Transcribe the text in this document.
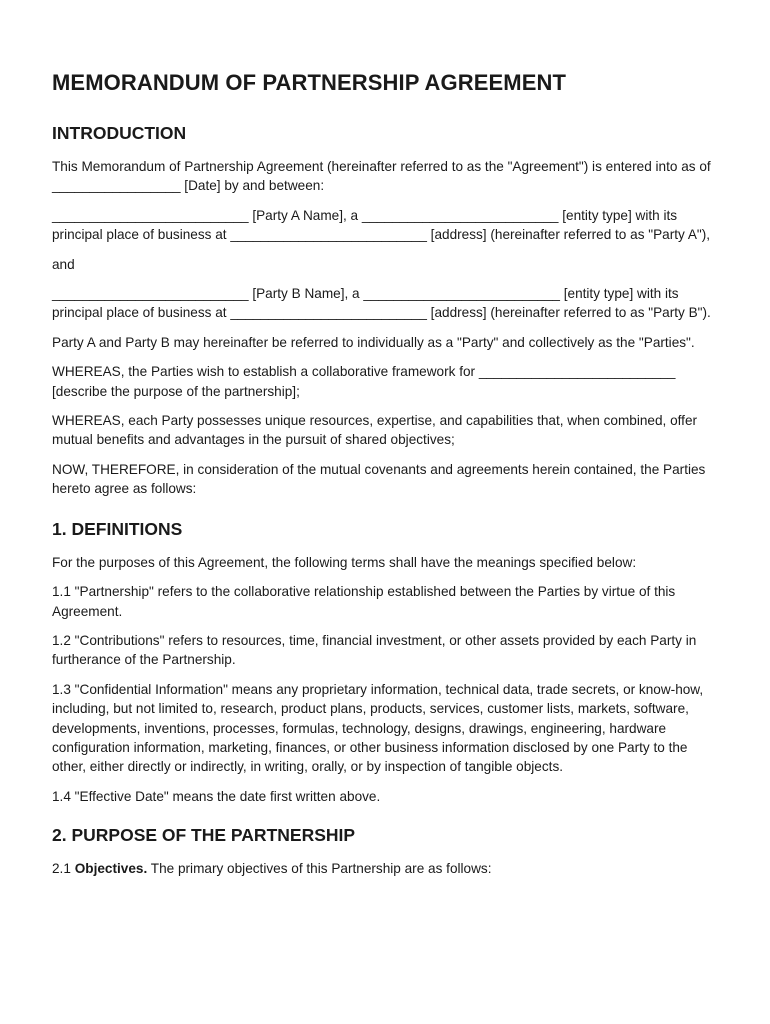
MEMORANDUM OF PARTNERSHIP AGREEMENT
INTRODUCTION

This Memorandum of Partnership Agreement (hereinafter referred to as the "Agreement") is entered into as of _________________ [Date] by and between:

__________________________ [Party A Name], a __________________________ [entity type] with its principal place of business at __________________________ [address] (hereinafter referred to as "Party A"),

and

__________________________ [Party B Name], a __________________________ [entity type] with its principal place of business at __________________________ [address] (hereinafter referred to as "Party B").

Party A and Party B may hereinafter be referred to individually as a "Party" and collectively as the "Parties".

WHEREAS, the Parties wish to establish a collaborative framework for __________________________ [describe the purpose of the partnership];

WHEREAS, each Party possesses unique resources, expertise, and capabilities that, when combined, offer mutual benefits and advantages in the pursuit of shared objectives;

NOW, THEREFORE, in consideration of the mutual covenants and agreements herein contained, the Parties hereto agree as follows:

1. DEFINITIONS

For the purposes of this Agreement, the following terms shall have the meanings specified below:

1.1 "Partnership" refers to the collaborative relationship established between the Parties by virtue of this Agreement.

1.2 "Contributions" refers to resources, time, financial investment, or other assets provided by each Party in furtherance of the Partnership.

1.3 "Confidential Information" means any proprietary information, technical data, trade secrets, or know-how, including, but not limited to, research, product plans, products, services, customer lists, markets, software, developments, inventions, processes, formulas, technology, designs, drawings, engineering, hardware configuration information, marketing, finances, or other business information disclosed by one Party to the other, either directly or indirectly, in writing, orally, or by inspection of tangible objects.

1.4 "Effective Date" means the date first written above.

2. PURPOSE OF THE PARTNERSHIP

2.1 Objectives. The primary objectives of this Partnership are as follows:
